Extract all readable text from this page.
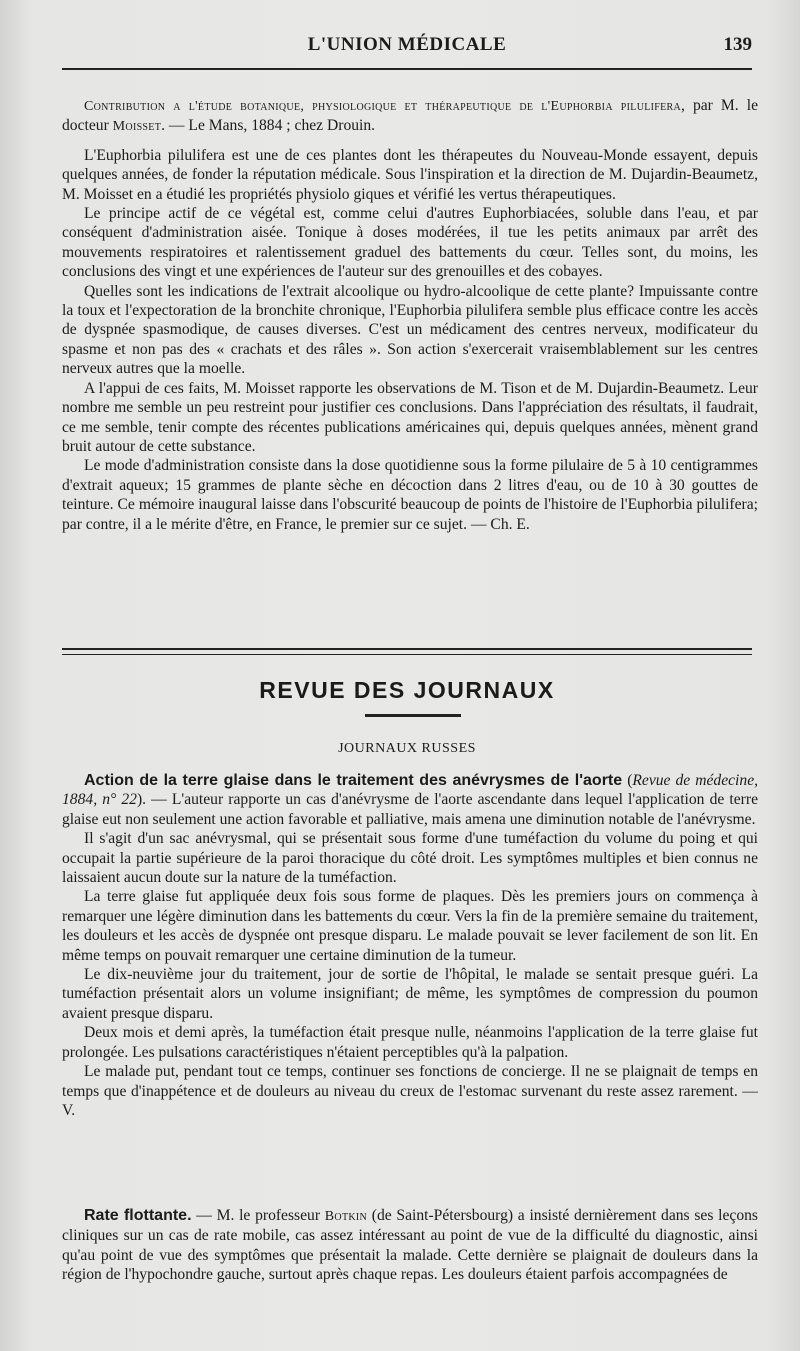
L'UNION MÉDICALE	139

Contribution a l'étude botanique, physiologique et thérapeutique de l'Euphorbia pilulifera, par M. le docteur Moisset. — Le Mans, 1884 ; chez Drouin.

L'Euphorbia pilulifera est une de ces plantes dont les thérapeutes du Nouveau-Monde essayent, depuis quelques années, de fonder la réputation médicale. Sous l'inspiration et la direction de M. Dujardin-Beaumetz, M. Moisset en a étudié les propriétés physiolo giques et vérifié les vertus thérapeutiques.

Le principe actif de ce végétal est, comme celui d'autres Euphorbiacées, soluble dans l'eau, et par conséquent d'administration aisée. Tonique à doses modérées, il tue les petits animaux par arrêt des mouvements respiratoires et ralentissement graduel des battements du cœur. Telles sont, du moins, les conclusions des vingt et une expériences de l'auteur sur des grenouilles et des cobayes.

Quelles sont les indications de l'extrait alcoolique ou hydro-alcoolique de cette plante? Impuissante contre la toux et l'expectoration de la bronchite chronique, l'Euphorbia pilulifera semble plus efficace contre les accès de dyspnée spasmodique, de causes diverses. C'est un médicament des centres nerveux, modificateur du spasme et non pas des « crachats et des râles ». Son action s'exercerait vraisemblablement sur les centres nerveux autres que la moelle.

A l'appui de ces faits, M. Moisset rapporte les observations de M. Tison et de M. Dujardin-Beaumetz. Leur nombre me semble un peu restreint pour justifier ces conclusions. Dans l'appréciation des résultats, il faudrait, ce me semble, tenir compte des récentes publications américaines qui, depuis quelques années, mènent grand bruit autour de cette substance.

Le mode d'administration consiste dans la dose quotidienne sous la forme pilulaire de 5 à 10 centigrammes d'extrait aqueux; 15 grammes de plante sèche en décoction dans 2 litres d'eau, ou de 10 à 30 gouttes de teinture. Ce mémoire inaugural laisse dans l'obscurité beaucoup de points de l'histoire de l'Euphorbia pilulifera; par contre, il a le mérite d'être, en France, le premier sur ce sujet. — Ch. E.

REVUE DES JOURNAUX
JOURNAUX RUSSES

Action de la terre glaise dans le traitement des anévrysmes de l'aorte (Revue de médecine, 1884, n° 22). — L'auteur rapporte un cas d'anévrysme de l'aorte ascendante dans lequel l'application de terre glaise eut non seulement une action favorable et palliative, mais amena une diminution notable de l'anévrysme.

Il s'agit d'un sac anévrysmal, qui se présentait sous forme d'une tuméfaction du volume du poing et qui occupait la partie supérieure de la paroi thoracique du côté droit. Les symptômes multiples et bien connus ne laissaient aucun doute sur la nature de la tuméfaction.

La terre glaise fut appliquée deux fois sous forme de plaques. Dès les premiers jours on commença à remarquer une légère diminution dans les battements du cœur. Vers la fin de la première semaine du traitement, les douleurs et les accès de dyspnée ont presque disparu. Le malade pouvait se lever facilement de son lit. En même temps on pouvait remarquer une certaine diminution de la tumeur.

Le dix-neuvième jour du traitement, jour de sortie de l'hôpital, le malade se sentait presque guéri. La tuméfaction présentait alors un volume insignifiant; de même, les symptômes de compression du poumon avaient presque disparu.

Deux mois et demi après, la tuméfaction était presque nulle, néanmoins l'application de la terre glaise fut prolongée. Les pulsations caractéristiques n'étaient perceptibles qu'à la palpation.

Le malade put, pendant tout ce temps, continuer ses fonctions de concierge. Il ne se plaignait de temps en temps que d'inappétence et de douleurs au niveau du creux de l'estomac survenant du reste assez rarement. — V.

Rate flottante. — M. le professeur Botkin (de Saint-Pétersbourg) a insisté dernièrement dans ses leçons cliniques sur un cas de rate mobile, cas assez intéressant au point de vue de la difficulté du diagnostic, ainsi qu'au point de vue des symptômes que présentait la malade. Cette dernière se plaignait de douleurs dans la région de l'hypochondre gauche, surtout après chaque repas. Les douleurs étaient parfois accompagnées de
